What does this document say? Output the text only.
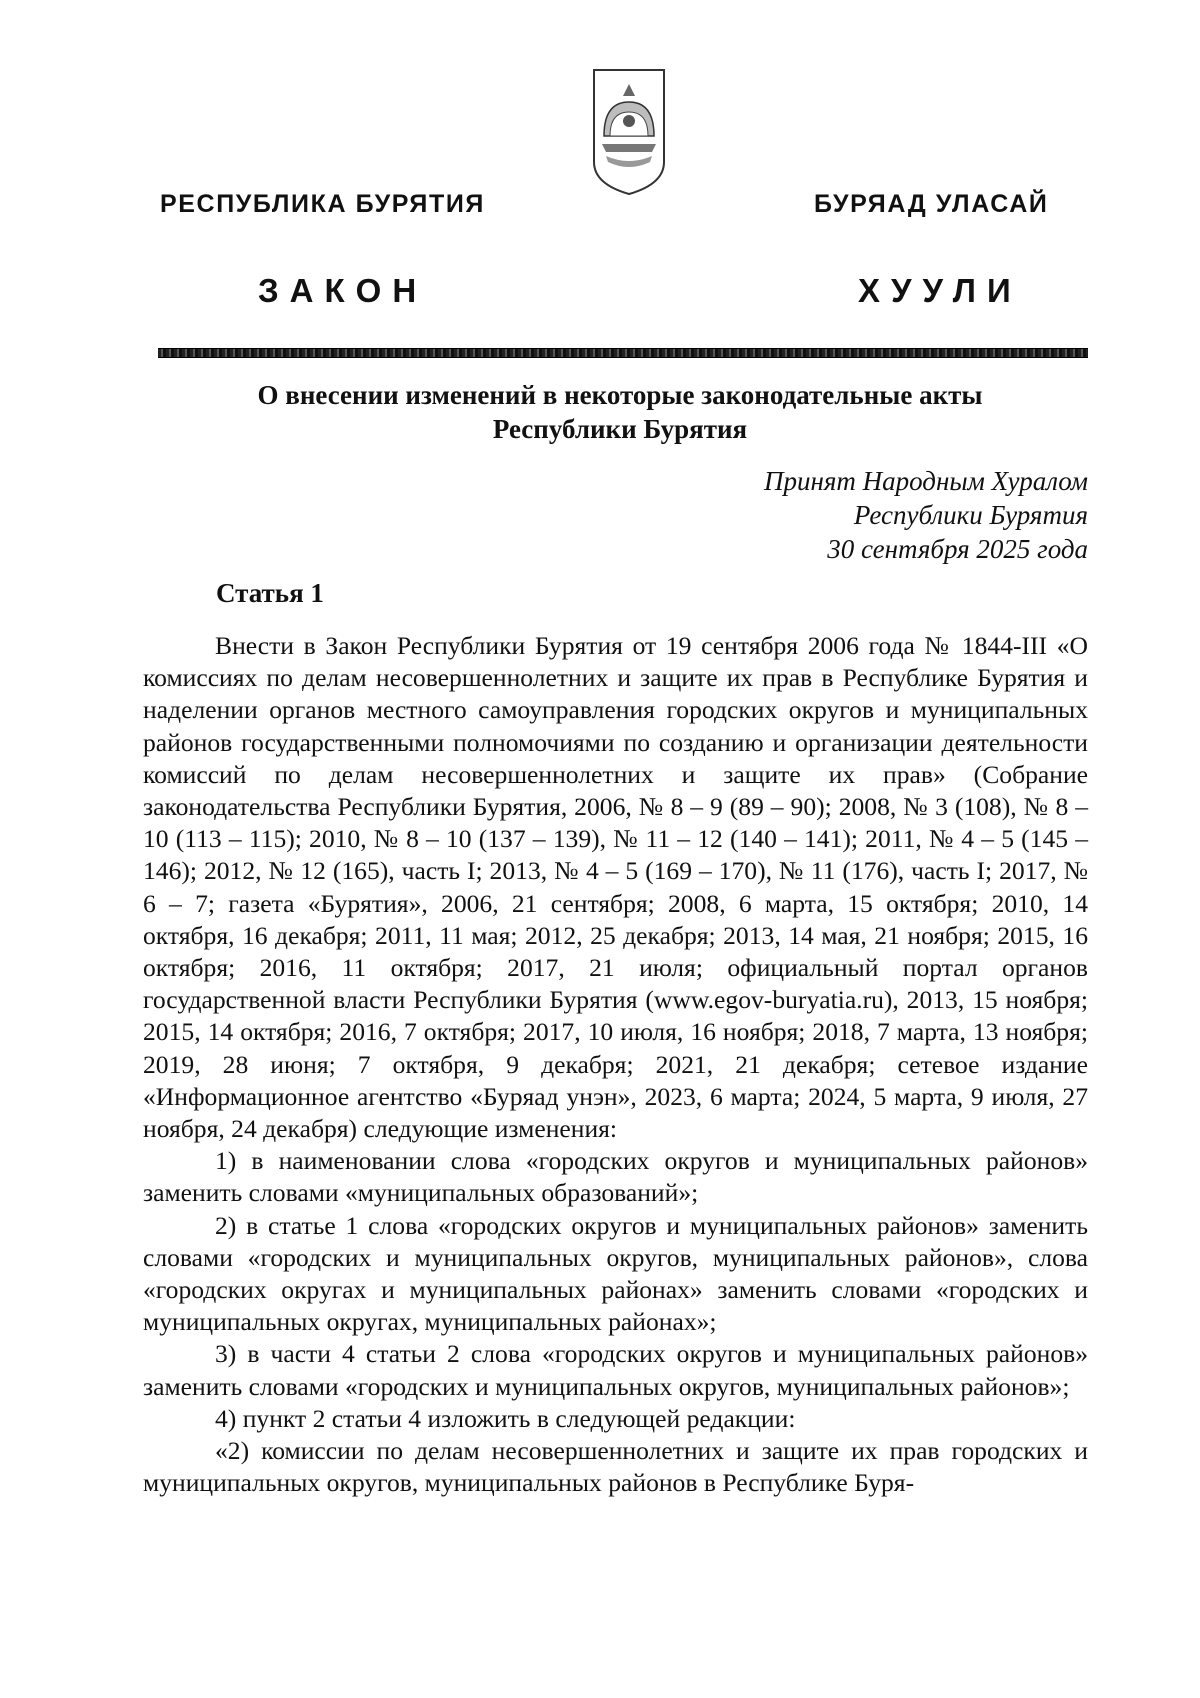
РЕСПУБЛИКА БУРЯТИЯ	БУРЯАД УЛАСАЙ
ЗАКОН	ХУУЛИ
О внесении изменений в некоторые законодательные акты
Республики Бурятия
Принят Народным Хуралом
Республики Бурятия
30 сентября 2025 года
Статья 1

Внести в Закон Республики Бурятия от 19 сентября 2006 года № 1844-III «О комиссиях по делам несовершеннолетних и защите их прав в Республике Бурятия и наделении органов местного самоуправления городских округов и муниципальных районов государственными полномочиями по созданию и организации деятельности комиссий по делам несовершеннолетних и защите их прав» (Собрание законодательства Республики Бурятия, 2006, № 8 – 9 (89 – 90); 2008, № 3 (108), № 8 – 10 (113 – 115); 2010, № 8 – 10 (137 – 139), № 11 – 12 (140 – 141); 2011, № 4 – 5 (145 – 146); 2012, № 12 (165), часть I; 2013, № 4 – 5 (169 – 170), № 11 (176), часть I; 2017, № 6 – 7; газета «Бурятия», 2006, 21 сентября; 2008, 6 марта, 15 октября; 2010, 14 октября, 16 декабря; 2011, 11 мая; 2012, 25 декабря; 2013, 14 мая, 21 ноября; 2015, 16 октября; 2016, 11 октября; 2017, 21 июля; официальный портал органов государственной власти Республики Бурятия (www.egov-buryatia.ru), 2013, 15 ноября; 2015, 14 октября; 2016, 7 октября; 2017, 10 июля, 16 ноября; 2018, 7 марта, 13 ноября; 2019, 28 июня; 7 октября, 9 декабря; 2021, 21 декабря; сетевое издание «Информационное агентство «Буряад унэн», 2023, 6 марта; 2024, 5 марта, 9 июля, 27 ноября, 24 декабря) следующие изменения:

1) в наименовании слова «городских округов и муниципальных районов» заменить словами «муниципальных образований»;

2) в статье 1 слова «городских округов и муниципальных районов» заменить словами «городских и муниципальных округов, муниципальных районов», слова «городских округах и муниципальных районах» заменить словами «городских и муниципальных округах, муниципальных районах»;

3) в части 4 статьи 2 слова «городских округов и муниципальных районов» заменить словами «городских и муниципальных округов, муниципальных районов»;

4) пункт 2 статьи 4 изложить в следующей редакции:

«2) комиссии по делам несовершеннолетних и защите их прав городских и муниципальных округов, муниципальных районов в Республике Буря-
